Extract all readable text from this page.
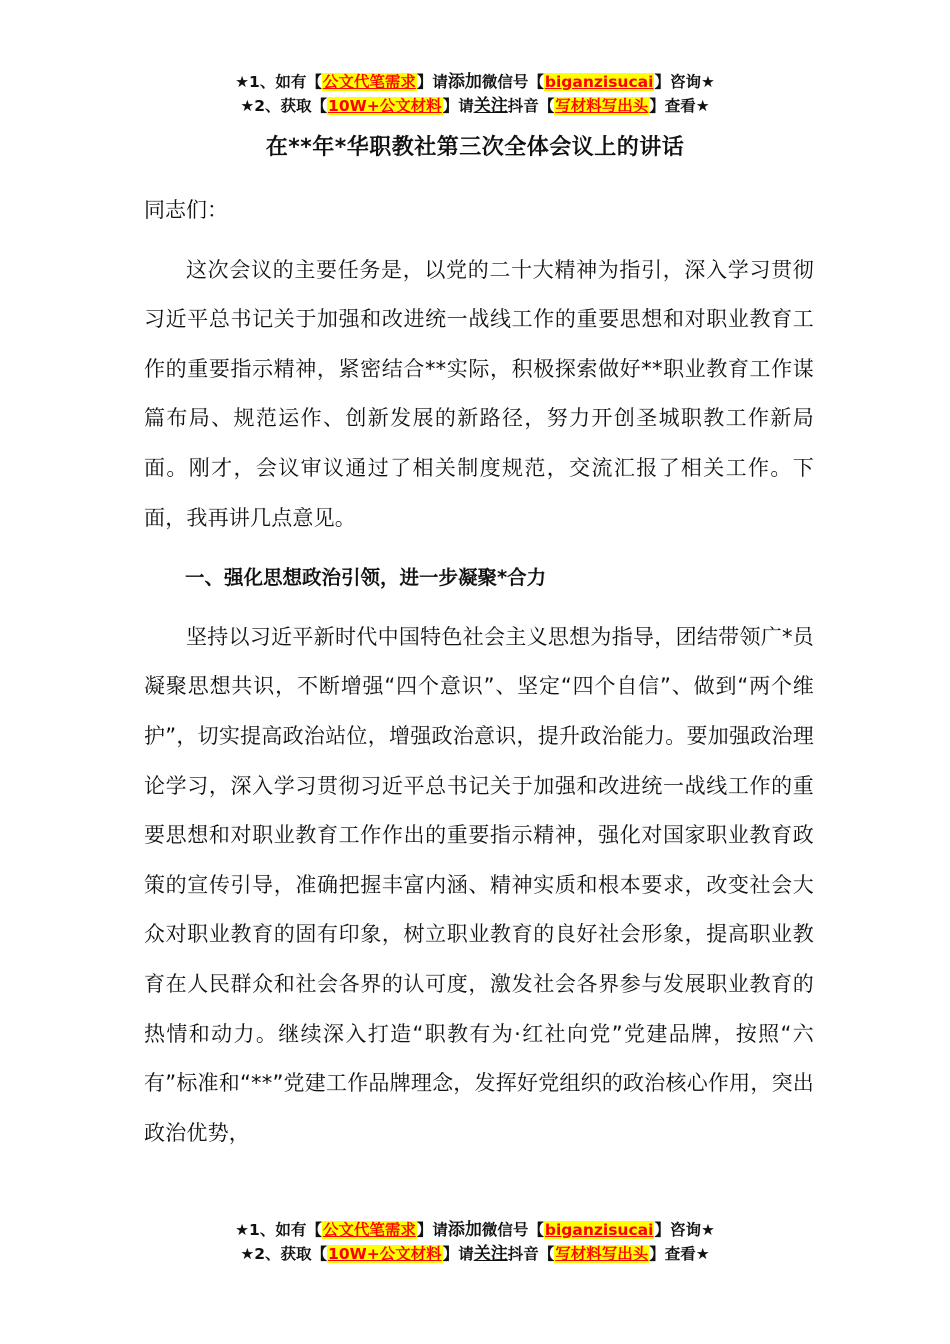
★1、如有【公文代笔需求】请添加微信号【biganzisucai】咨询★
★2、获取【10W+公文材料】请关注抖音【写材料写出头】查看★
在**年*华职教社第三次全体会议上的讲话

同志们：

这次会议的主要任务是，以党的二十大精神为指引，深入学习贯彻习近平总书记关于加强和改进统一战线工作的重要思想和对职业教育工作的重要指示精神，紧密结合**实际，积极探索做好**职业教育工作谋篇布局、规范运作、创新发展的新路径，努力开创圣城职教工作新局面。刚才，会议审议通过了相关制度规范，交流汇报了相关工作。下面，我再讲几点意见。

一、强化思想政治引领，进一步凝聚*合力

坚持以习近平新时代中国特色社会主义思想为指导，团结带领广*员凝聚思想共识，不断增强“四个意识”、坚定“四个自信”、做到“两个维护”，切实提高政治站位，增强政治意识，提升政治能力。要加强政治理论学习，深入学习贯彻习近平总书记关于加强和改进统一战线工作的重要思想和对职业教育工作作出的重要指示精神，强化对国家职业教育政策的宣传引导，准确把握丰富内涵、精神实质和根本要求，改变社会大众对职业教育的固有印象，树立职业教育的良好社会形象，提高职业教育在人民群众和社会各界的认可度，激发社会各界参与发展职业教育的热情和动力。继续深入打造“职教有为·红社向党”党建品牌，按照“六有”标准和“**”党建工作品牌理念，发挥好党组织的政治核心作用，突出政治优势，

★1、如有【公文代笔需求】请添加微信号【biganzisucai】咨询★
★2、获取【10W+公文材料】请关注抖音【写材料写出头】查看★
